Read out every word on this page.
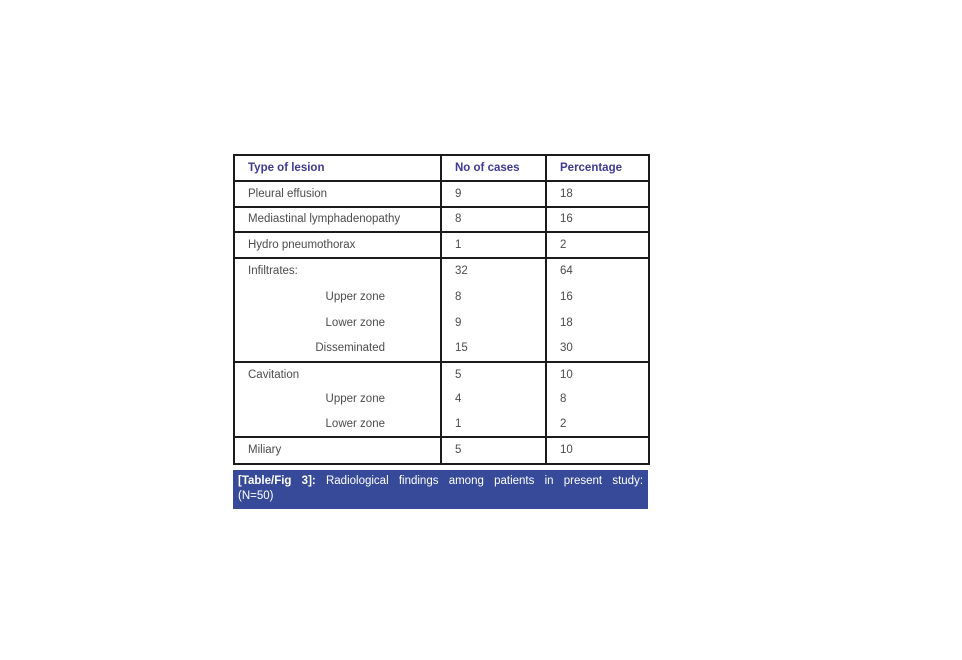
Type of lesion	No of cases	Percentage
Pleural effusion	9	18
Mediastinal lymphadenopathy	8	16
Hydro pneumothorax	1	2
Infiltrates:	32	64
Upper zone	8	16
Lower zone	9	18
Disseminated	15	30
Cavitation	5	10
Upper zone	4	8
Lower zone	1	2
Miliary	5	10
[Table/Fig 3]: Radiological findings among patients in present study: (N=50)
